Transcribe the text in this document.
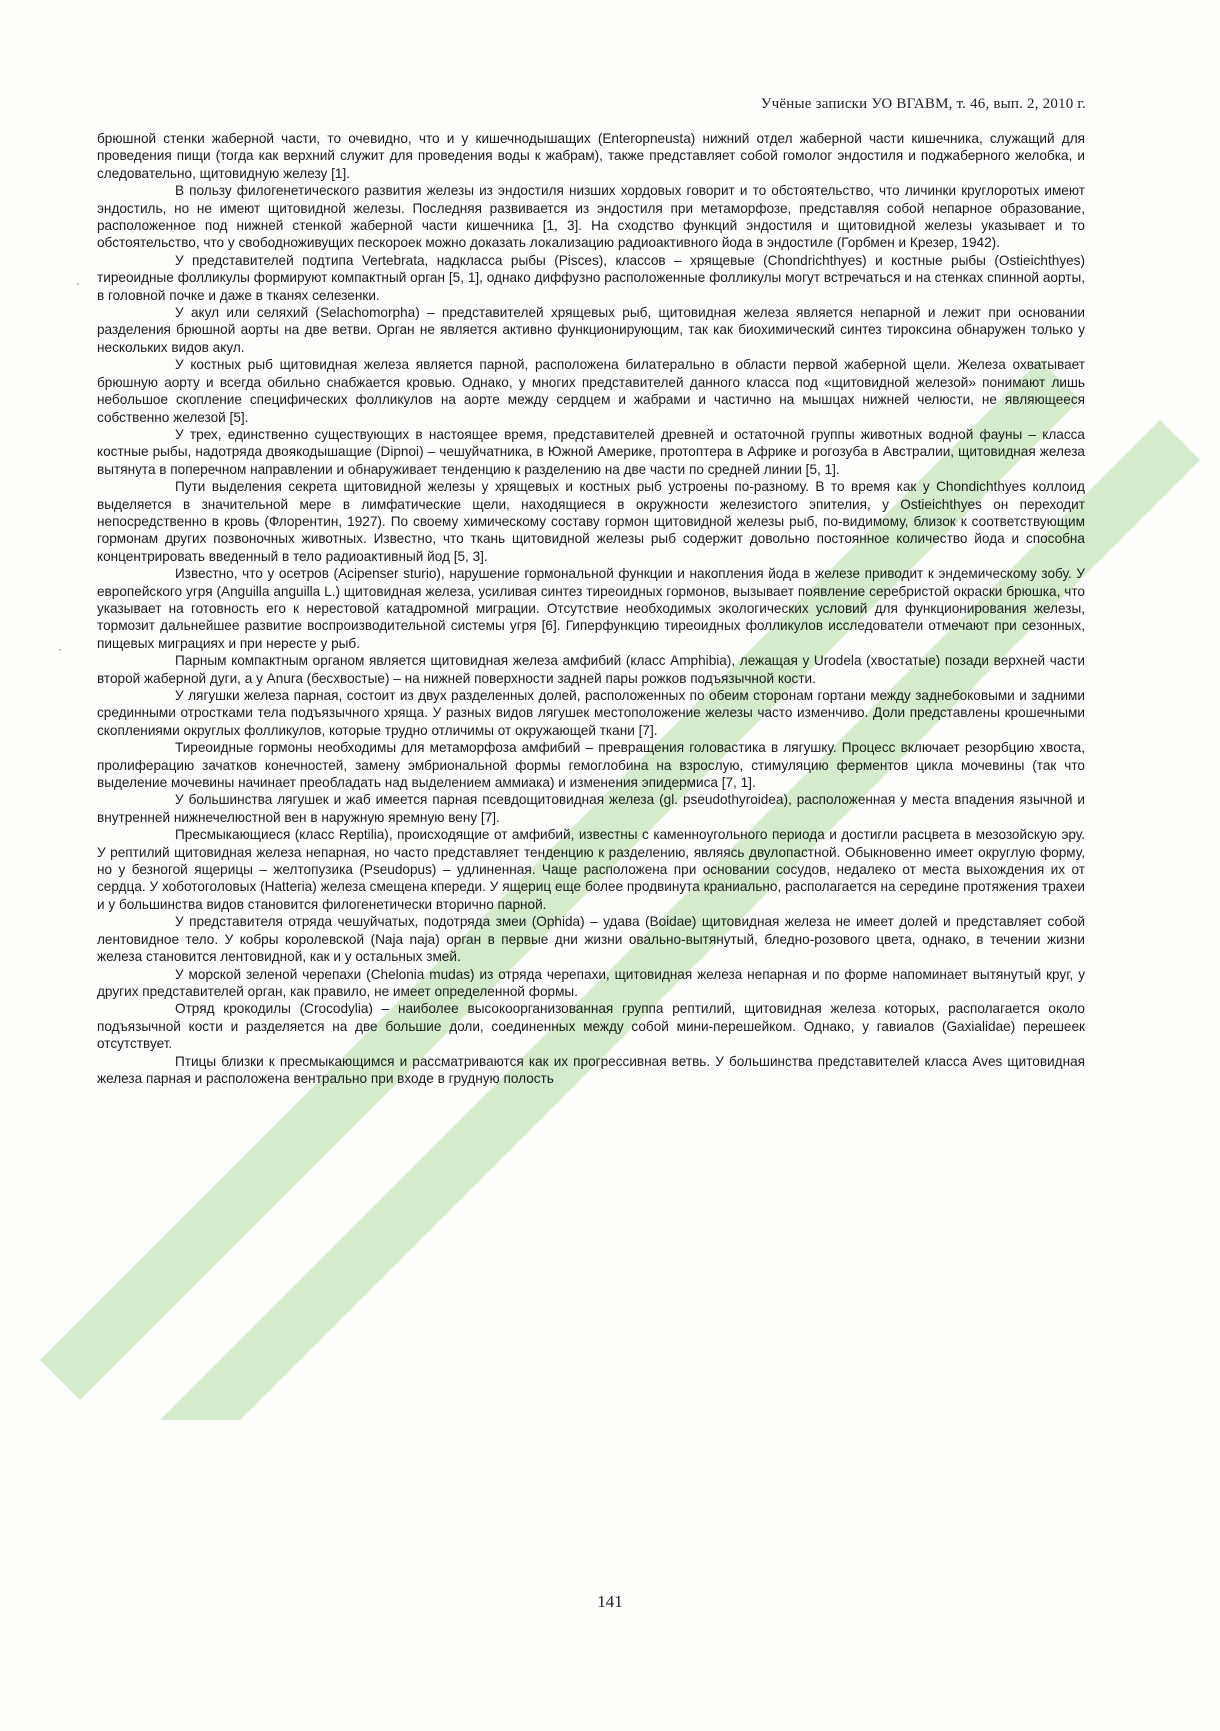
Учёные записки УО ВГАВМ, т. 46, вып. 2, 2010 г.

брюшной стенки жаберной части, то очевидно, что и у кишечнодышащих (Enteropneusta) нижний отдел жаберной части кишечника, служащий для проведения пищи (тогда как верхний служит для проведения воды к жабрам), также представляет собой гомолог эндостиля и поджаберного желобка, и следовательно, щитовидную железу [1].

В пользу филогенетического развития железы из эндостиля низших хордовых говорит и то обстоятельство, что личинки круглоротых имеют эндостиль, но не имеют щитовидной железы. Последняя развивается из эндостиля при метаморфозе, представляя собой непарное образование, расположенное под нижней стенкой жаберной части кишечника [1, 3]. На сходство функций эндостиля и щитовидной железы указывает и то обстоятельство, что у свободноживущих пескороек можно доказать локализацию радиоактивного йода в эндостиле (Горбмен и Крезер, 1942).

У представителей подтипа Vertebrata, надкласса рыбы (Pisces), классов – хрящевые (Chondrichthyes) и костные рыбы (Ostieichthyes) тиреоидные фолликулы формируют компактный орган [5, 1], однако диффузно расположенные фолликулы могут встречаться и на стенках спинной аорты, в головной почке и даже в тканях селезенки.

У акул или селяхий (Selachomorpha) – представителей хрящевых рыб, щитовидная железа является непарной и лежит при основании разделения брюшной аорты на две ветви. Орган не является активно функционирующим, так как биохимический синтез тироксина обнаружен только у нескольких видов акул.

У костных рыб щитовидная железа является парной, расположена билатерально в области первой жаберной щели. Железа охватывает брюшную аорту и всегда обильно снабжается кровью. Однако, у многих представителей данного класса под «щитовидной железой» понимают лишь небольшое скопление специфических фолликулов на аорте между сердцем и жабрами и частично на мышцах нижней челюсти, не являющееся собственно железой [5].

У трех, единственно существующих в настоящее время, представителей древней и остаточной группы животных водной фауны – класса костные рыбы, надотряда двоякодышащие (Dipnoi) – чешуйчатника, в Южной Америке, протоптера в Африке и рогозуба в Австралии, щитовидная железа вытянута в поперечном направлении и обнаруживает тенденцию к разделению на две части по средней линии [5, 1].

Пути выделения секрета щитовидной железы у хрящевых и костных рыб устроены по-разному. В то время как у Chondichthyes коллоид выделяется в значительной мере в лимфатические щели, находящиеся в окружности железистого эпителия, у Ostieichthyes он переходит непосредственно в кровь (Флорентин, 1927). По своему химическому составу гормон щитовидной железы рыб, по-видимому, близок к соответствующим гормонам других позвоночных животных. Известно, что ткань щитовидной железы рыб содержит довольно постоянное количество йода и способна концентрировать введенный в тело радиоактивный йод [5, 3].

Известно, что у осетров (Acipenser sturio), нарушение гормональной функции и накопления йода в железе приводит к эндемическому зобу. У европейского угря (Anguilla anguilla L.) щитовидная железа, усиливая синтез тиреоидных гормонов, вызывает появление серебристой окраски брюшка, что указывает на готовность его к нерестовой катадромной миграции. Отсутствие необходимых экологических условий для функционирования железы, тормозит дальнейшее развитие воспроизводительной системы угря [6]. Гиперфункцию тиреоидных фолликулов исследователи отмечают при сезонных, пищевых миграциях и при нересте у рыб.

Парным компактным органом является щитовидная железа амфибий (класс Amphibia), лежащая у Urodela (хвостатые) позади верхней части второй жаберной дуги, а у Anura (бесхвостые) – на нижней поверхности задней пары рожков подъязычной кости.

У лягушки железа парная, состоит из двух разделенных долей, расположенных по обеим сторонам гортани между заднебоковыми и задними срединными отростками тела подъязычного хряща. У разных видов лягушек местоположение железы часто изменчиво. Доли представлены крошечными скоплениями округлых фолликулов, которые трудно отличимы от окружающей ткани [7].

Тиреоидные гормоны необходимы для метаморфоза амфибий – превращения головастика в лягушку. Процесс включает резорбцию хвоста, пролиферацию зачатков конечностей, замену эмбриональной формы гемоглобина на взрослую, стимуляцию ферментов цикла мочевины (так что выделение мочевины начинает преобладать над выделением аммиака) и изменения эпидермиса [7, 1].

У большинства лягушек и жаб имеется парная псевдощитовидная железа (gl. pseudothyroidea), расположенная у места впадения язычной и внутренней нижнечелюстной вен в наружную яремную вену [7].

Пресмыкающиеся (класс Reptilia), происходящие от амфибий, известны с каменноугольного периода и достигли расцвета в мезозойскую эру. У рептилий щитовидная железа непарная, но часто представляет тенденцию к разделению, являясь двулопастной. Обыкновенно имеет округлую форму, но у безногой ящерицы – желтопузика (Pseudopus) – удлиненная. Чаще расположена при основании сосудов, недалеко от места выхождения их от сердца. У хоботоголовых (Hatteria) железа смещена кпереди. У ящериц еще более продвинута краниально, располагается на середине протяжения трахеи и у большинства видов становится филогенетически вторично парной.

У представителя отряда чешуйчатых, подотряда змеи (Ophida) – удава (Boidae) щитовидная железа не имеет долей и представляет собой лентовидное тело. У кобры королевской (Naja naja) орган в первые дни жизни овально-вытянутый, бледно-розового цвета, однако, в течении жизни железа становится лентовидной, как и у остальных змей.

У морской зеленой черепахи (Chelonia mudas) из отряда черепахи, щитовидная железа непарная и по форме напоминает вытянутый круг, у других представителей орган, как правило, не имеет определенной формы.

Отряд крокодилы (Crocodylia) – наиболее высокоорганизованная группа рептилий, щитовидная железа которых, располагается около подъязычной кости и разделяется на две большие доли, соединенных между собой мини-перешейком. Однако, у гавиалов (Gaxialidae) перешеек отсутствует.

Птицы близки к пресмыкающимся и рассматриваются как их прогрессивная ветвь. У большинства представителей класса Aves щитовидная железа парная и расположена вентрально при входе в грудную полость

141
·
·
